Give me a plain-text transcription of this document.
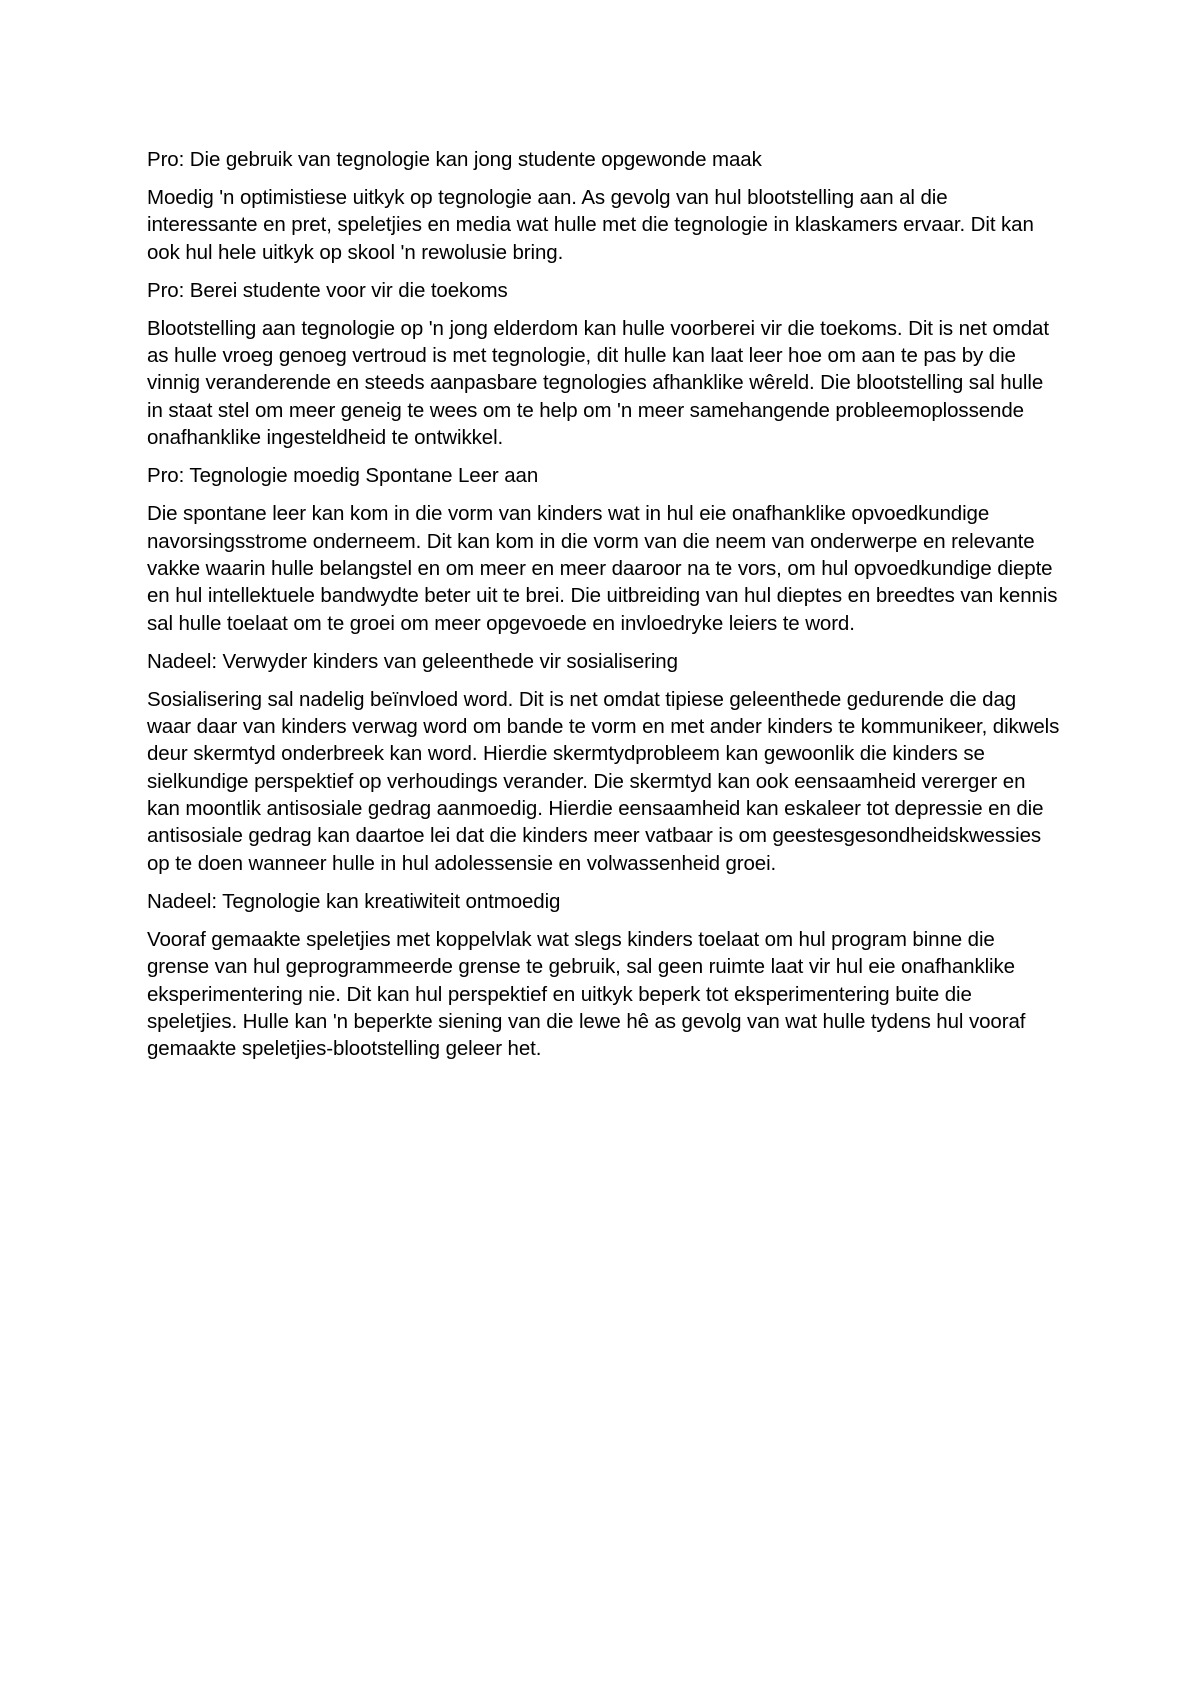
Pro: Die gebruik van tegnologie kan jong studente opgewonde maak

Moedig 'n optimistiese uitkyk op tegnologie aan. As gevolg van hul blootstelling aan al die interessante en pret, speletjies en media wat hulle met die tegnologie in klaskamers ervaar. Dit kan ook hul hele uitkyk op skool 'n rewolusie bring.

Pro: Berei studente voor vir die toekoms

Blootstelling aan tegnologie op 'n jong elderdom kan hulle voorberei vir die toekoms. Dit is net omdat as hulle vroeg genoeg vertroud is met tegnologie, dit hulle kan laat leer hoe om aan te pas by die vinnig veranderende en steeds aanpasbare tegnologies afhanklike wêreld. Die blootstelling sal hulle in staat stel om meer geneig te wees om te help om 'n meer samehangende probleemoplossende onafhanklike ingesteldheid te ontwikkel.

Pro: Tegnologie moedig Spontane Leer aan

Die spontane leer kan kom in die vorm van kinders wat in hul eie onafhanklike opvoedkundige navorsingsstrome onderneem. Dit kan kom in die vorm van die neem van onderwerpe en relevante vakke waarin hulle belangstel en om meer en meer daaroor na te vors, om hul opvoedkundige diepte en hul intellektuele bandwydte beter uit te brei. Die uitbreiding van hul dieptes en breedtes van kennis sal hulle toelaat om te groei om meer opgevoede en invloedryke leiers te word.

Nadeel: Verwyder kinders van geleenthede vir sosialisering

Sosialisering sal nadelig beïnvloed word. Dit is net omdat tipiese geleenthede gedurende die dag waar daar van kinders verwag word om bande te vorm en met ander kinders te kommunikeer, dikwels deur skermtyd onderbreek kan word. Hierdie skermtydprobleem kan gewoonlik die kinders se sielkundige perspektief op verhoudings verander. Die skermtyd kan ook eensaamheid vererger en kan moontlik antisosiale gedrag aanmoedig. Hierdie eensaamheid kan eskaleer tot depressie en die antisosiale gedrag kan daartoe lei dat die kinders meer vatbaar is om geestesgesondheidskwessies op te doen wanneer hulle in hul adolessensie en volwassenheid groei.

Nadeel: Tegnologie kan kreatiwiteit ontmoedig

Vooraf gemaakte speletjies met koppelvlak wat slegs kinders toelaat om hul program binne die grense van hul geprogrammeerde grense te gebruik, sal geen ruimte laat vir hul eie onafhanklike eksperimentering nie. Dit kan hul perspektief en uitkyk beperk tot eksperimentering buite die speletjies. Hulle kan 'n beperkte siening van die lewe hê as gevolg van wat hulle tydens hul vooraf gemaakte speletjies-blootstelling geleer het.
